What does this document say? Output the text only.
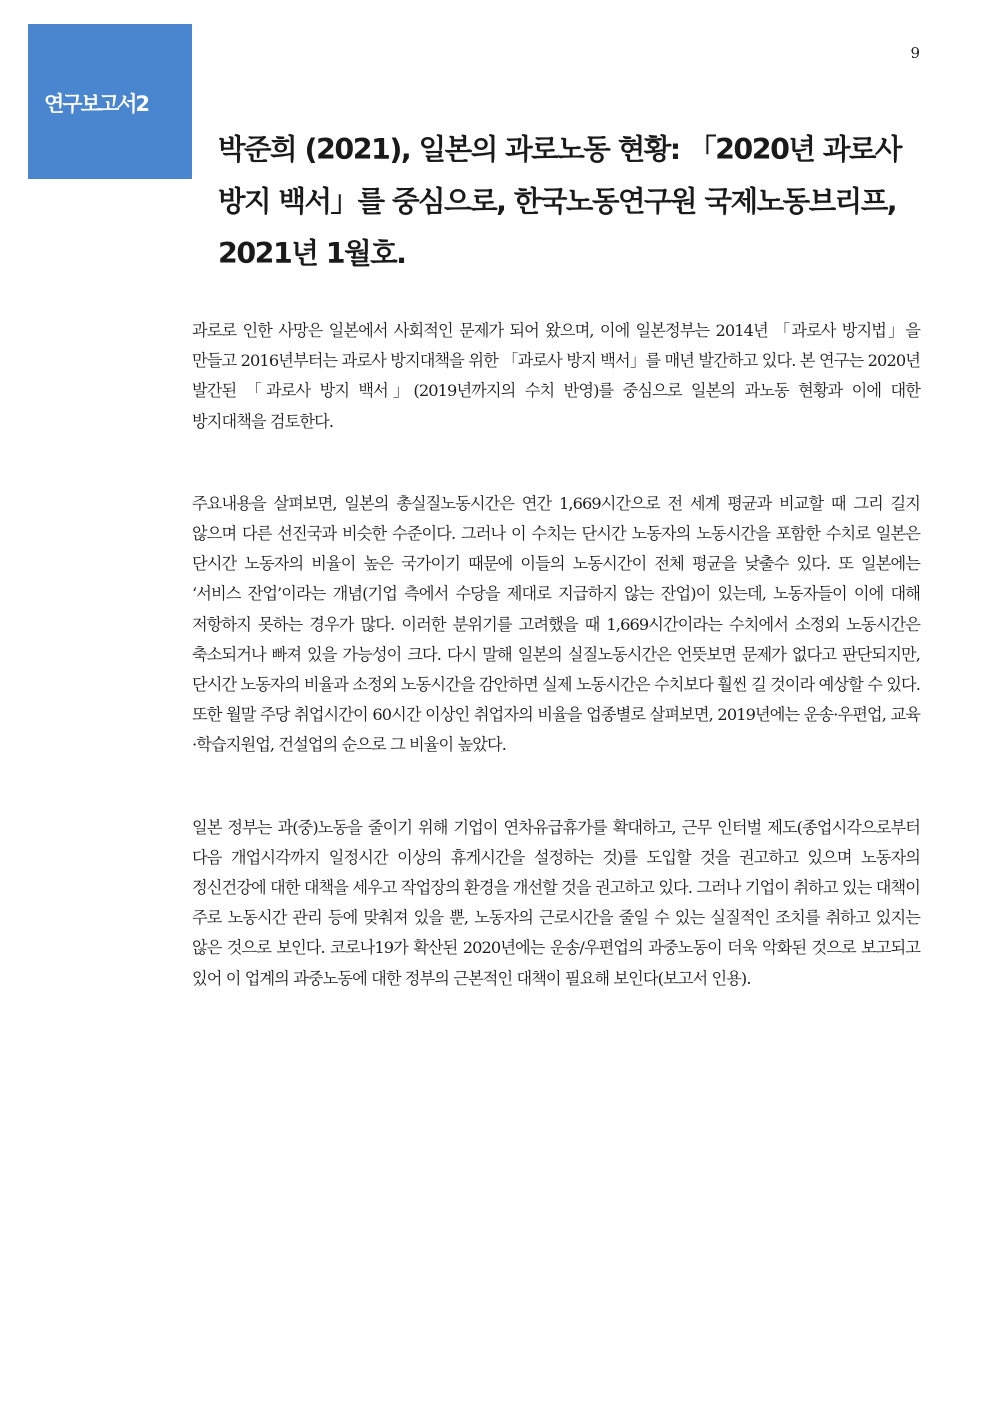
연구보고서2
9
박준희 (2021), 일본의 과로노동 현황: 「2020년 과로사 방지 백서」를 중심으로, 한국노동연구원 국제노동브리프, 2021년 1월호.

과로로 인한 사망은 일본에서 사회적인 문제가 되어 왔으며, 이에 일본정부는 2014년 「과로사 방지법」을 만들고 2016년부터는 과로사 방지대책을 위한 「과로사 방지 백서」를 매년 발간하고 있다. 본 연구는 2020년 발간된 「과로사 방지 백서」(2019년까지의 수치 반영)를 중심으로 일본의 과노동 현황과 이에 대한 방지대책을 검토한다.

주요내용을 살펴보면, 일본의 총실질노동시간은 연간 1,669시간으로 전 세계 평균과 비교할 때 그리 길지 않으며 다른 선진국과 비슷한 수준이다. 그러나 이 수치는 단시간 노동자의 노동시간을 포함한 수치로 일본은 단시간 노동자의 비율이 높은 국가이기 때문에 이들의 노동시간이 전체 평균을 낮출수 있다. 또 일본에는 ‘서비스 잔업’이라는 개념(기업 측에서 수당을 제대로 지급하지 않는 잔업)이 있는데, 노동자들이 이에 대해 저항하지 못하는 경우가 많다. 이러한 분위기를 고려했을 때 1,669시간이라는 수치에서 소정외 노동시간은 축소되거나 빠져 있을 가능성이 크다. 다시 말해 일본의 실질노동시간은 언뜻보면 문제가 없다고 판단되지만, 단시간 노동자의 비율과 소정외 노동시간을 감안하면 실제 노동시간은 수치보다 훨씬 길 것이라 예상할 수 있다. 또한 월말 주당 취업시간이 60시간 이상인 취업자의 비율을 업종별로 살펴보면, 2019년에는 운송·우편업, 교육·학습지원업, 건설업의 순으로 그 비율이 높았다.

일본 정부는 과(중)노동을 줄이기 위해 기업이 연차유급휴가를 확대하고, 근무 인터벌 제도(종업시각으로부터 다음 개업시각까지 일정시간 이상의 휴게시간을 설정하는 것)를 도입할 것을 권고하고 있으며 노동자의 정신건강에 대한 대책을 세우고 작업장의 환경을 개선할 것을 권고하고 있다. 그러나 기업이 취하고 있는 대책이 주로 노동시간 관리 등에 맞춰져 있을 뿐, 노동자의 근로시간을 줄일 수 있는 실질적인 조치를 취하고 있지는 않은 것으로 보인다. 코로나19가 확산된 2020년에는 운송/우편업의 과중노동이 더욱 악화된 것으로 보고되고 있어 이 업계의 과중노동에 대한 정부의 근본적인 대책이 필요해 보인다(보고서 인용).
